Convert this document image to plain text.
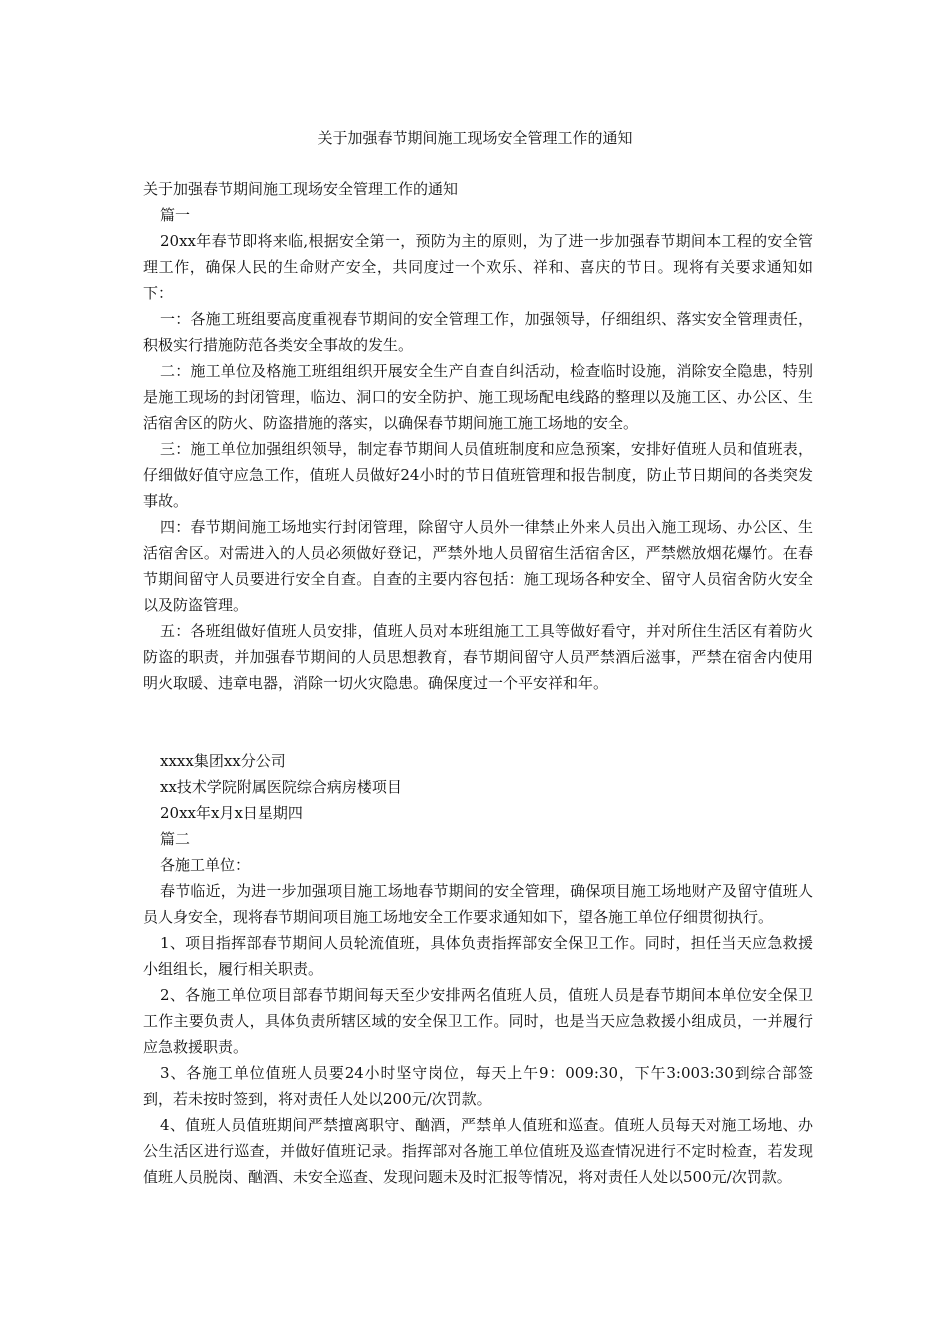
关于加强春节期间施工现场安全管理工作的通知
关于加强春节期间施工现场安全管理工作的通知
篇一

20xx年春节即将来临,根据安全第一，预防为主的原则，为了进一步加强春节期间本工程的安全管理工作，确保人民的生命财产安全，共同度过一个欢乐、祥和、喜庆的节日。现将有关要求通知如下：

一：各施工班组要高度重视春节期间的安全管理工作，加强领导，仔细组织、落实安全管理责任，积极实行措施防范各类安全事故的发生。

二：施工单位及格施工班组组织开展安全生产自查自纠活动，检查临时设施，消除安全隐患，特别是施工现场的封闭管理，临边、洞口的安全防护、施工现场配电线路的整理以及施工区、办公区、生活宿舍区的防火、防盗措施的落实，以确保春节期间施工施工场地的安全。

三：施工单位加强组织领导，制定春节期间人员值班制度和应急预案，安排好值班人员和值班表，仔细做好值守应急工作，值班人员做好24小时的节日值班管理和报告制度，防止节日期间的各类突发事故。

四：春节期间施工场地实行封闭管理，除留守人员外一律禁止外来人员出入施工现场、办公区、生活宿舍区。对需进入的人员必须做好登记，严禁外地人员留宿生活宿舍区，严禁燃放烟花爆竹。在春节期间留守人员要进行安全自查。自查的主要内容包括：施工现场各种安全、留守人员宿舍防火安全以及防盗管理。

五：各班组做好值班人员安排，值班人员对本班组施工工具等做好看守，并对所住生活区有着防火防盗的职责，并加强春节期间的人员思想教育，春节期间留守人员严禁酒后滋事，严禁在宿舍内使用明火取暖、违章电器，消除一切火灾隐患。确保度过一个平安祥和年。

xxxx集团xx分公司
xx技术学院附属医院综合病房楼项目
20xx年x月x日星期四
篇二
各施工单位：

春节临近，为进一步加强项目施工场地春节期间的安全管理，确保项目施工场地财产及留守值班人员人身安全，现将春节期间项目施工场地安全工作要求通知如下，望各施工单位仔细贯彻执行。

1、项目指挥部春节期间人员轮流值班，具体负责指挥部安全保卫工作。同时，担任当天应急救援小组组长，履行相关职责。

2、各施工单位项目部春节期间每天至少安排两名值班人员，值班人员是春节期间本单位安全保卫工作主要负责人，具体负责所辖区域的安全保卫工作。同时，也是当天应急救援小组成员，一并履行应急救援职责。

3、各施工单位值班人员要24小时坚守岗位，每天上午9：009:30，下午3:003:30到综合部签到，若未按时签到，将对责任人处以200元/次罚款。

4、值班人员值班期间严禁擅离职守、酗酒，严禁单人值班和巡查。值班人员每天对施工场地、办公生活区进行巡查，并做好值班记录。指挥部对各施工单位值班及巡查情况进行不定时检查，若发现值班人员脱岗、酗酒、未安全巡查、发现问题未及时汇报等情况，将对责任人处以500元/次罚款。
